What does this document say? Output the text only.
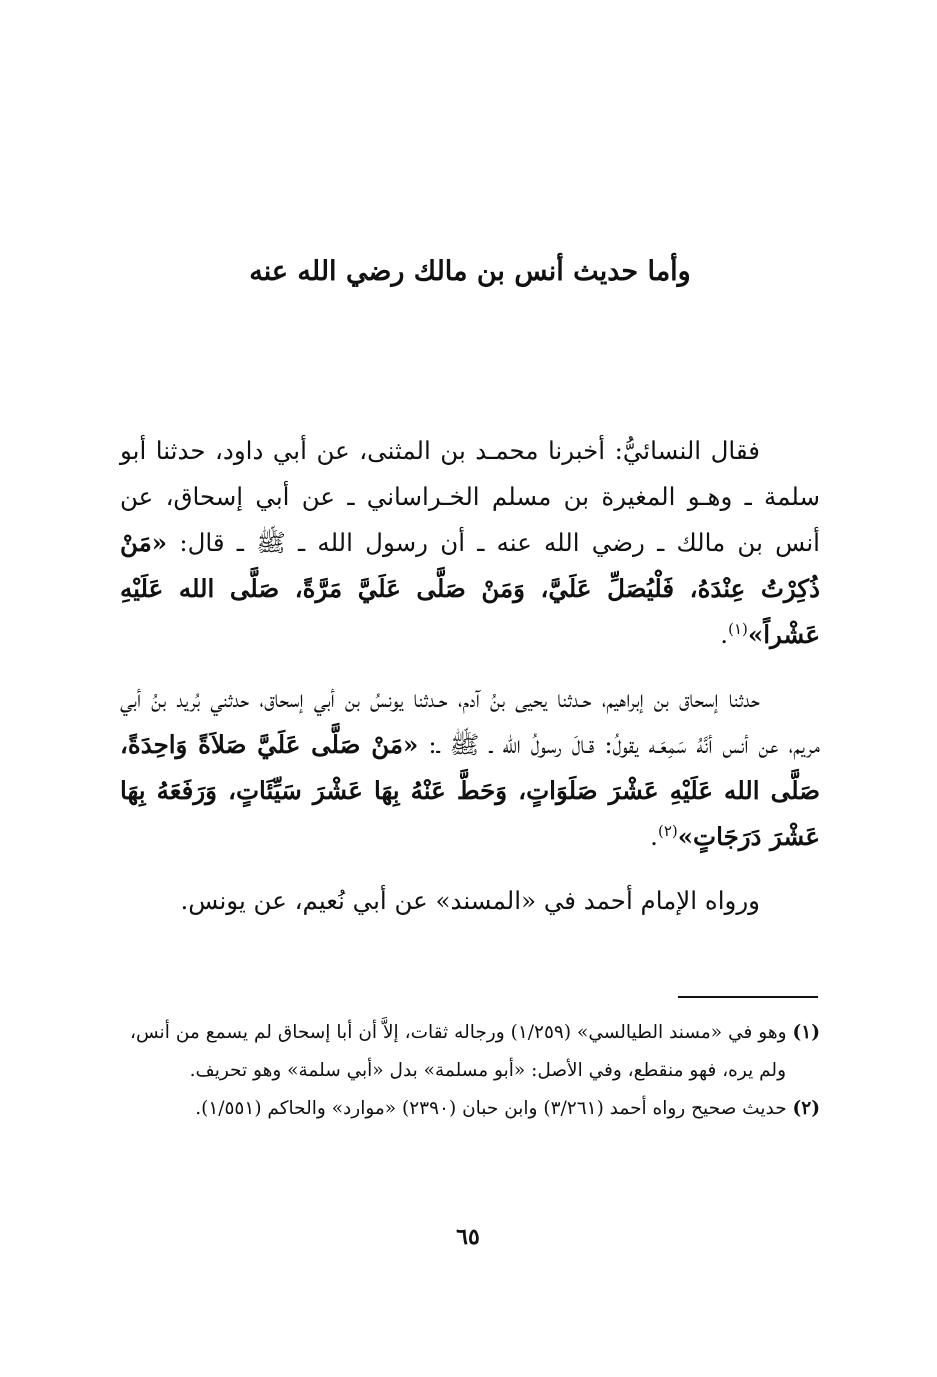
وأما حديث أنس بن مالك رضي الله عنه

فقال النسائيُّ: أخبرنا محمـد بن المثنى، عن أبي داود، حدثنا أبو سلمة ـ وهـو المغيرة بن مسلم الخـراساني ـ عن أبي إسحاق، عن أنس بن مالك ـ رضي الله عنه ـ أن رسول الله ـ ﷺ ـ قال: «مَنْ ذُكِرْتُ عِنْدَهُ، فَلْيُصَلِّ عَلَيَّ، وَمَنْ صَلَّى عَلَيَّ مَرَّةً، صَلَّى الله عَلَيْهِ عَشْراً»$^{(١)}$.

حدثنا إسحاق بن إبراهيم، حـدثنا يحيى بنُ آدم، حـدثنا يونسُ بن أبي إسحاق، حدثني بُريد بنُ أبي مريم، عن أنس أنَّهُ سَمِعَـه يقولُ: قـالَ رسولُ الله ـ ﷺ ـ: «مَنْ صَلَّى عَلَيَّ صَلاَةً وَاحِدَةً، صَلَّى الله عَلَيْهِ عَشْرَ صَلَوَاتٍ، وَحَطَّ عَنْهُ بِهَا عَشْرَ سَيِّئَاتٍ، وَرَفَعَهُ بِهَا عَشْرَ دَرَجَاتٍ»$^{(٢)}$.

ورواه الإمام أحمد في «المسند» عن أبي نُعيم، عن يونس.

(١) وهو في «مسند الطيالسي» (١/٢٥٩) ورجاله ثقات، إلاَّ أن أبا إسحاق لم يسمع من أنس، ولم يره، فهو منقطع، وفي الأصل: «أبو مسلمة» بدل «أبي سلمة» وهو تحريف.

(٢) حديث صحيح رواه أحمد (٣/٢٦١) وابن حبان (٢٣٩٠) «موارد» والحاكم (١/٥٥١).

٦٥
